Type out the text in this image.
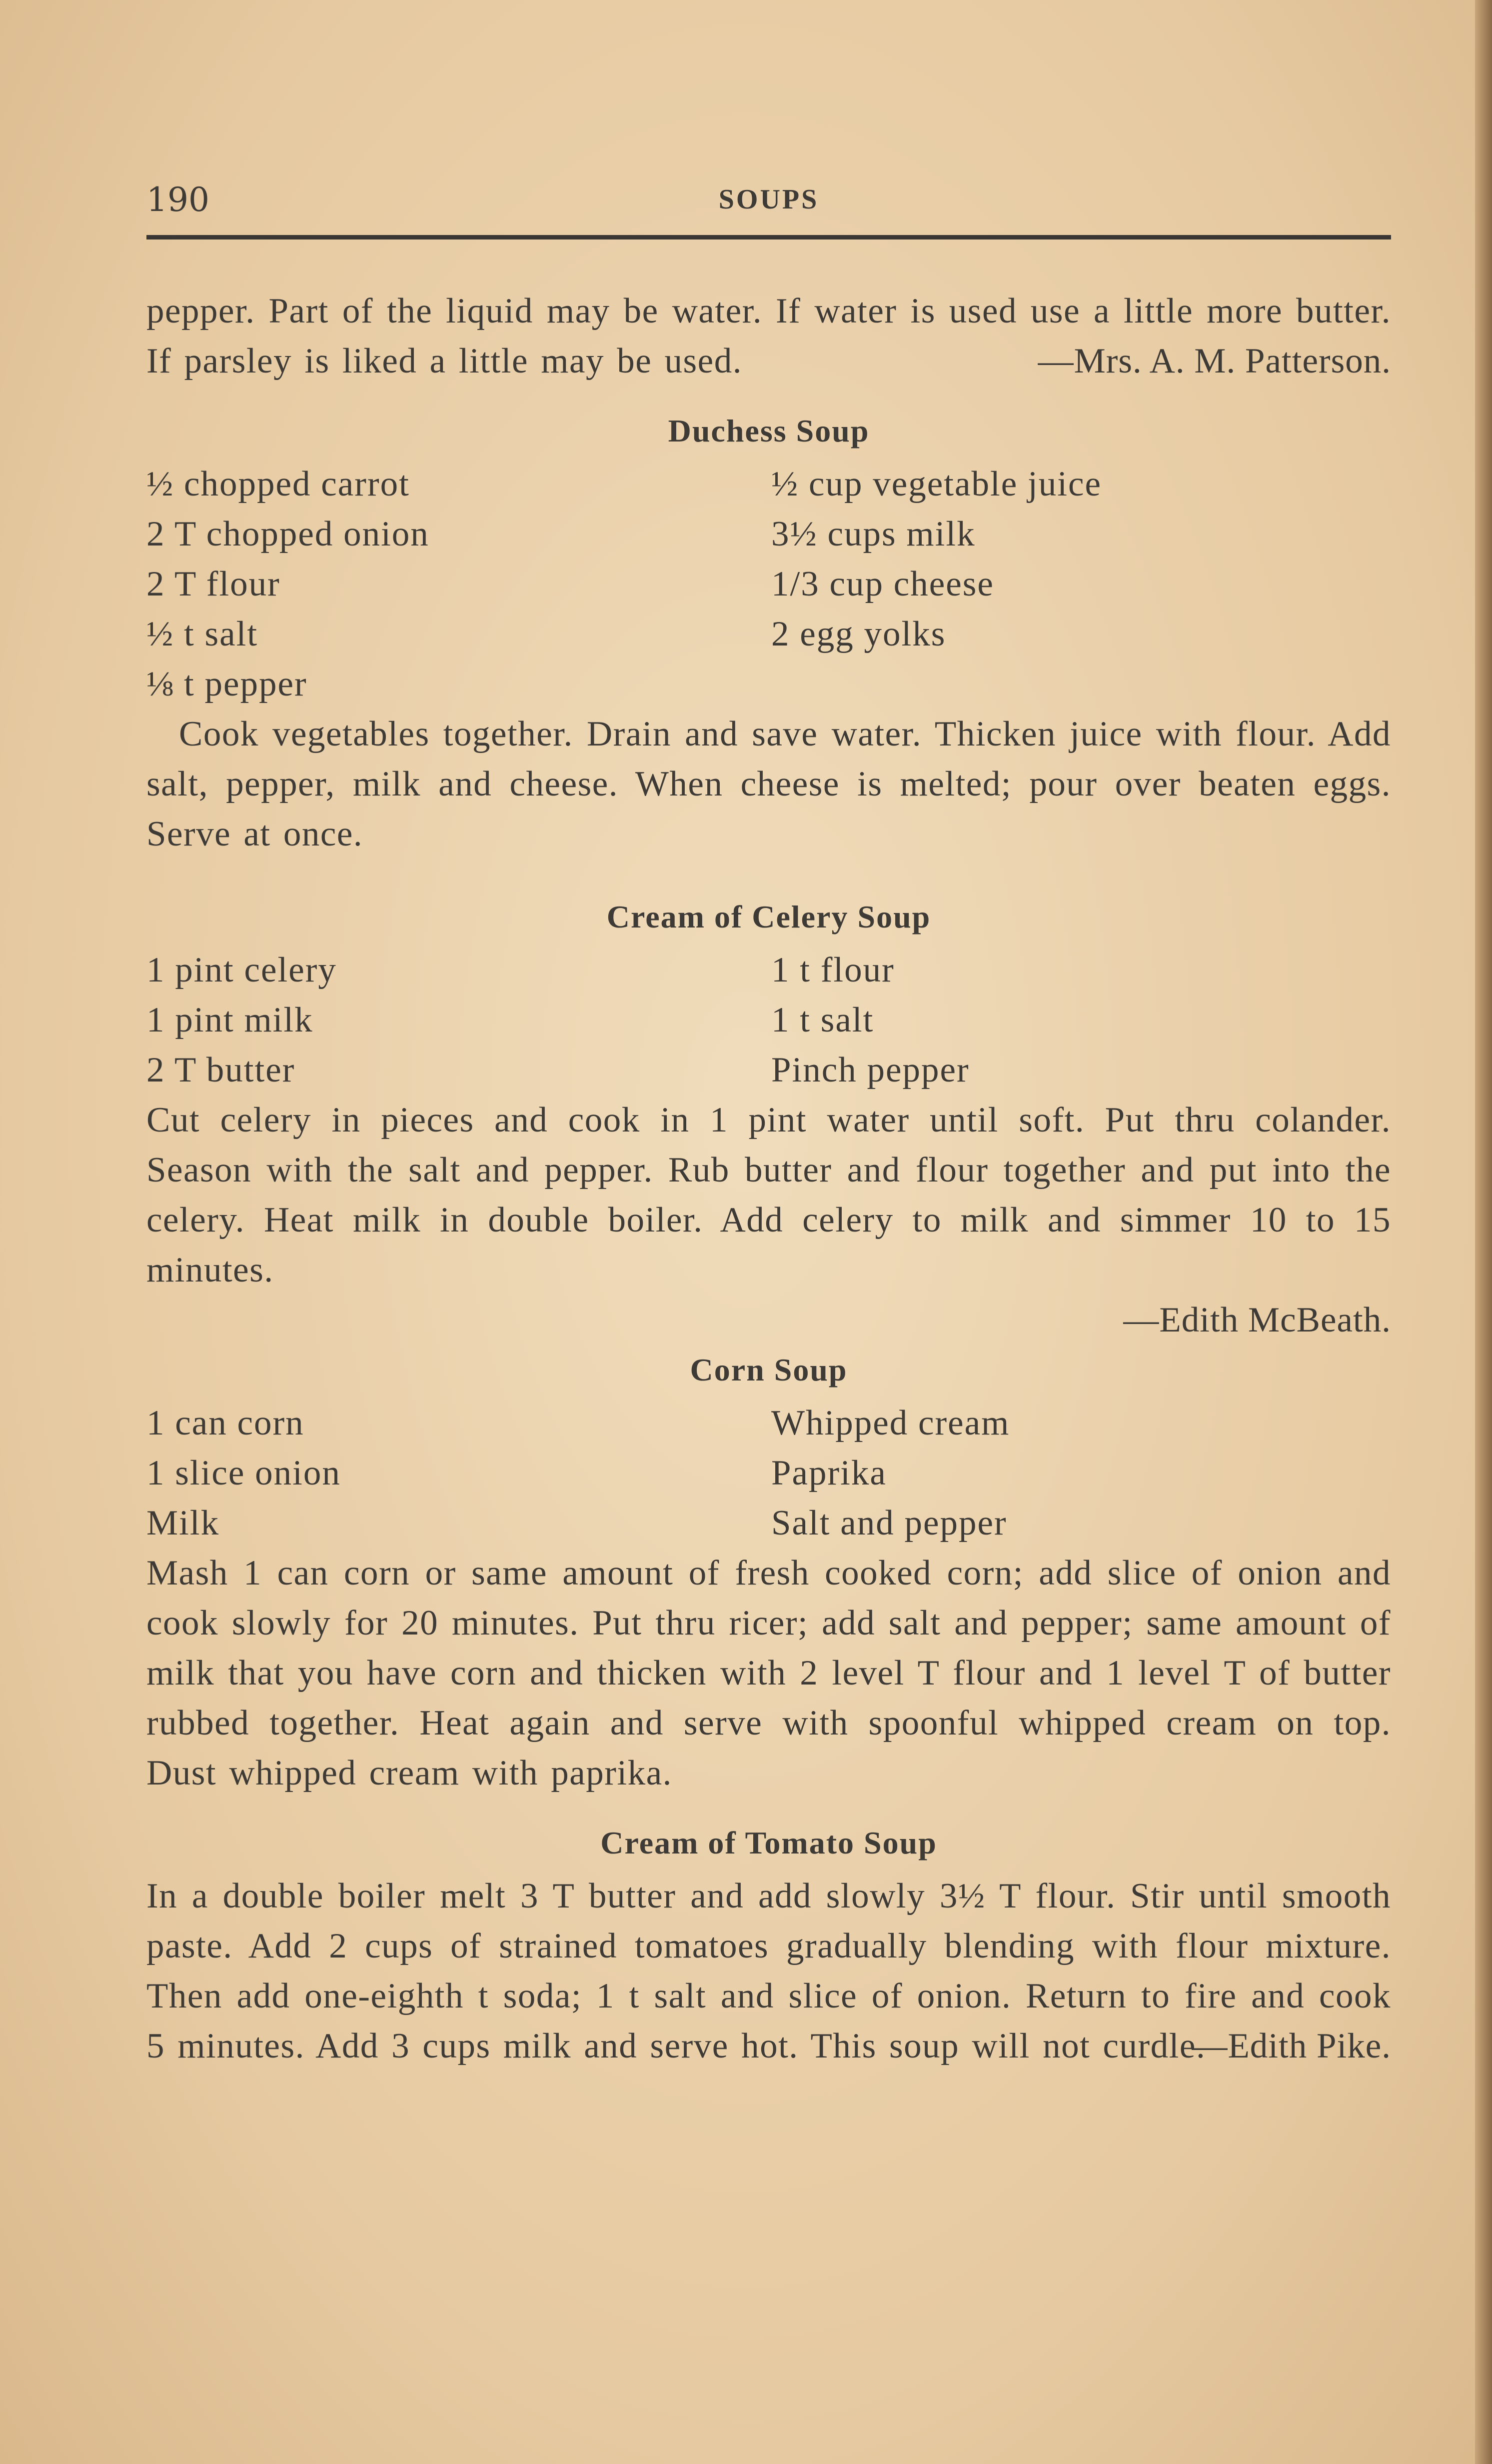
190	SOUPS

pepper. Part of the liquid may be water. If water is used use a little more butter. If parsley is liked a little may be used.	—Mrs. A. M. Patterson.

Duchess Soup
½ chopped carrot	½ cup vegetable juice
2 T chopped onion	3½ cups milk
2 T flour	1/3 cup cheese
½ t salt	2 egg yolks
⅛ t pepper

Cook vegetables together. Drain and save water. Thicken juice with flour. Add salt, pepper, milk and cheese. When cheese is melted; pour over beaten eggs. Serve at once.

Cream of Celery Soup
1 pint celery	1 t flour
1 pint milk	1 t salt
2 T butter	Pinch pepper

Cut celery in pieces and cook in 1 pint water until soft. Put thru colander. Season with the salt and pepper. Rub butter and flour together and put into the celery. Heat milk in double boiler. Add celery to milk and simmer 10 to 15 minutes.

—Edith McBeath.

Corn Soup
1 can corn	Whipped cream
1 slice onion	Paprika
Milk	Salt and pepper

Mash 1 can corn or same amount of fresh cooked corn; add slice of onion and cook slowly for 20 minutes. Put thru ricer; add salt and pepper; same amount of milk that you have corn and thicken with 2 level T flour and 1 level T of butter rubbed together. Heat again and serve with spoonful whipped cream on top. Dust whipped cream with paprika.

Cream of Tomato Soup

In a double boiler melt 3 T butter and add slowly 3½ T flour. Stir until smooth paste. Add 2 cups of strained tomatoes gradually blending with flour mixture. Then add one-eighth t soda; 1 t salt and slice of onion. Return to fire and cook 5 minutes. Add 3 cups milk and serve hot. This soup will not curdle.

—Edith Pike.
